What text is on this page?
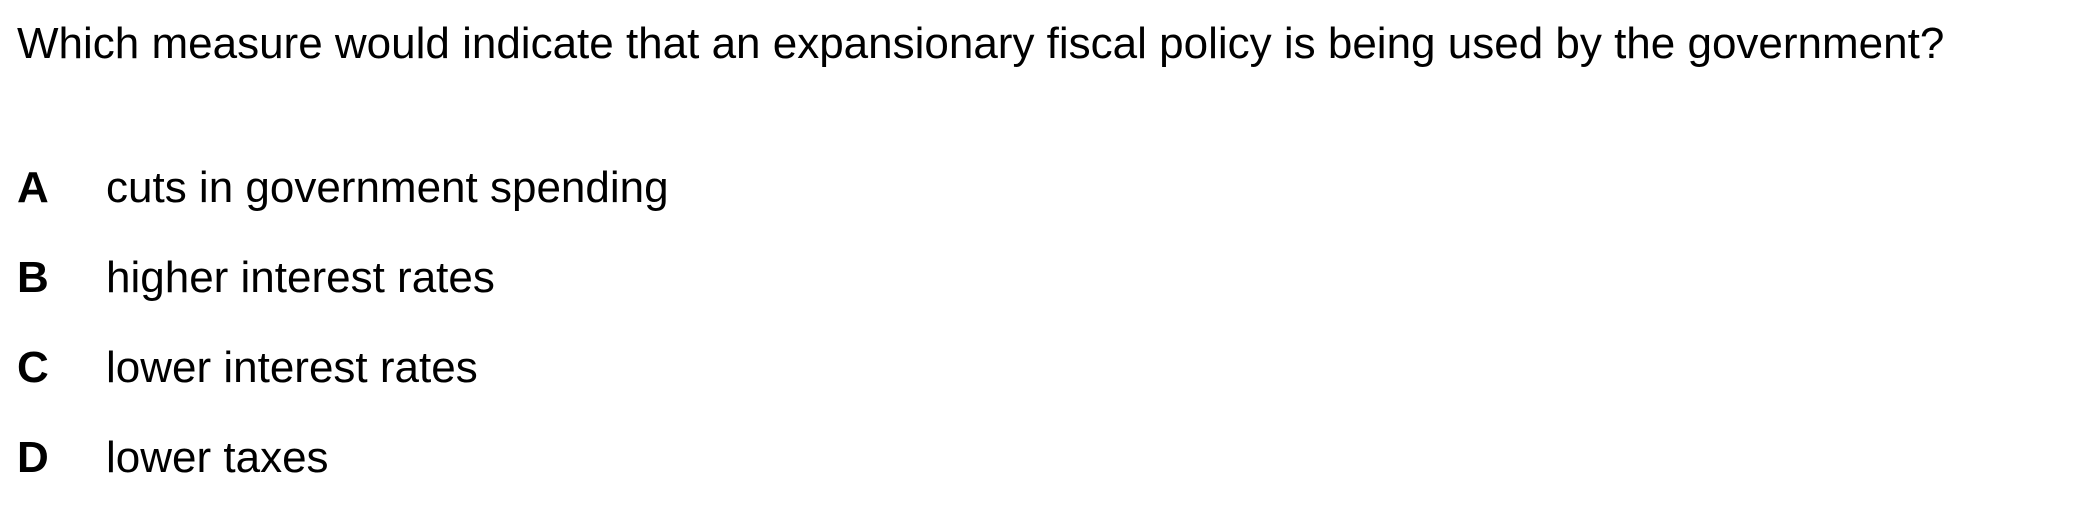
Which measure would indicate that an expansionary fiscal policy is being used by the government?

A	cuts in government spending
B	higher interest rates
C	lower interest rates
D	lower taxes
